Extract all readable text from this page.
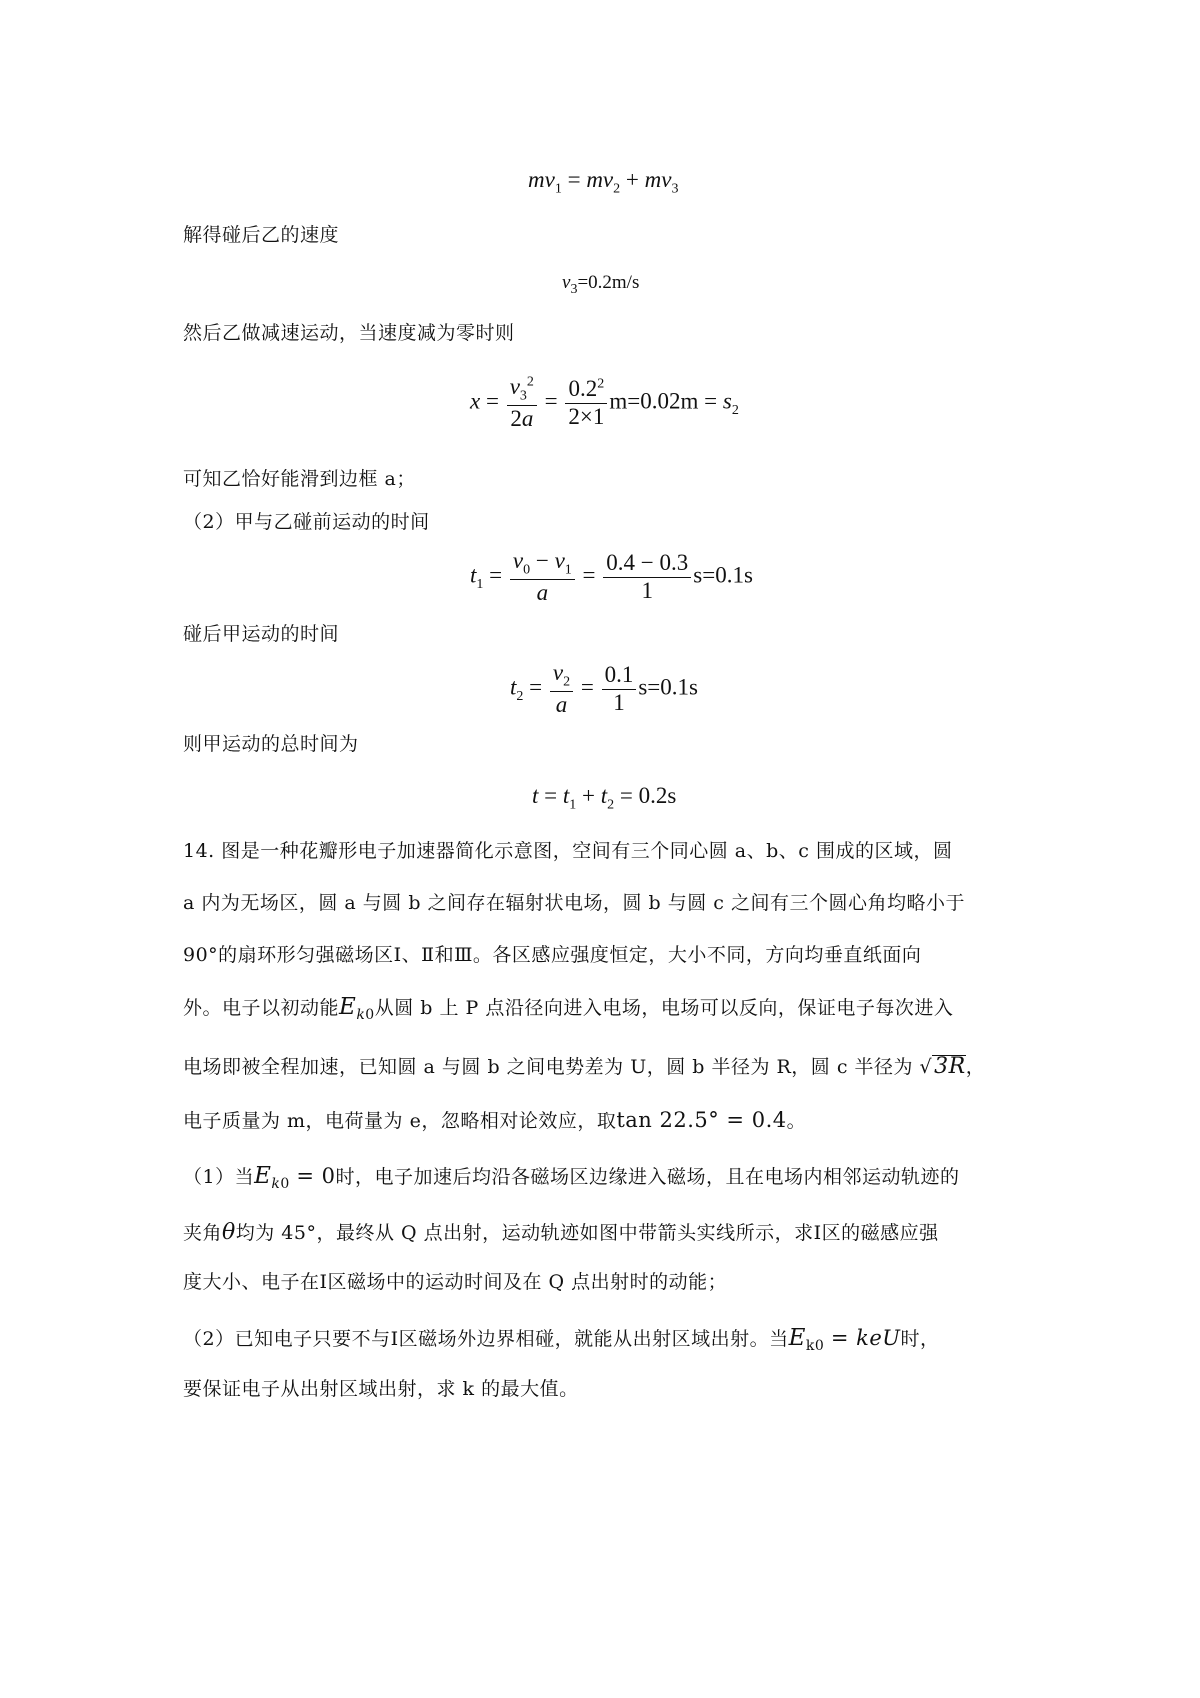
$mv_1 = mv_2 + mv_3$
解得碰后乙的速度
$v_3=0.2m/s$
然后乙做减速运动，当速度减为零时则
$x = \frac{v_3^2}{2a} = \frac{0.2^2}{2\times 1} m=0.02m = s_2$
可知乙恰好能滑到边框 a；
（2）甲与乙碰前运动的时间
$t_1 = \frac{v_0 - v_1}{a} = \frac{0.4 - 0.3}{1} s=0.1s$
碰后甲运动的时间
$t_2 = \frac{v_2}{a} = \frac{0.1}{1} s=0.1s$
则甲运动的总时间为
$t = t_1 + t_2 = 0.2s$
14. 图是一种花瓣形电子加速器简化示意图，空间有三个同心圆 a、b、c 围成的区域，圆
a 内为无场区，圆 a 与圆 b 之间存在辐射状电场，圆 b 与圆 c 之间有三个圆心角均略小于
90°的扇环形匀强磁场区Ⅰ、Ⅱ和Ⅲ。各区感应强度恒定，大小不同，方向均垂直纸面向
外。电子以初动能$E_{k0}$从圆 b 上 P 点沿径向进入电场，电场可以反向，保证电子每次进入
电场即被全程加速，已知圆 a 与圆 b 之间电势差为 U，圆 b 半径为 R，圆 c 半径为 √3R，
电子质量为 m，电荷量为 e，忽略相对论效应，取tan 22.5° = 0.4。
（1）当$E_{k0} = 0$时，电子加速后均沿各磁场区边缘进入磁场，且在电场内相邻运动轨迹的
夹角θ均为 45°，最终从 Q 点出射，运动轨迹如图中带箭头实线所示，求Ⅰ区的磁感应强
度大小、电子在Ⅰ区磁场中的运动时间及在 Q 点出射时的动能；
（2）已知电子只要不与Ⅰ区磁场外边界相碰，就能从出射区域出射。当$E_{k0}$ = keU时，
要保证电子从出射区域出射，求 k 的最大值。
